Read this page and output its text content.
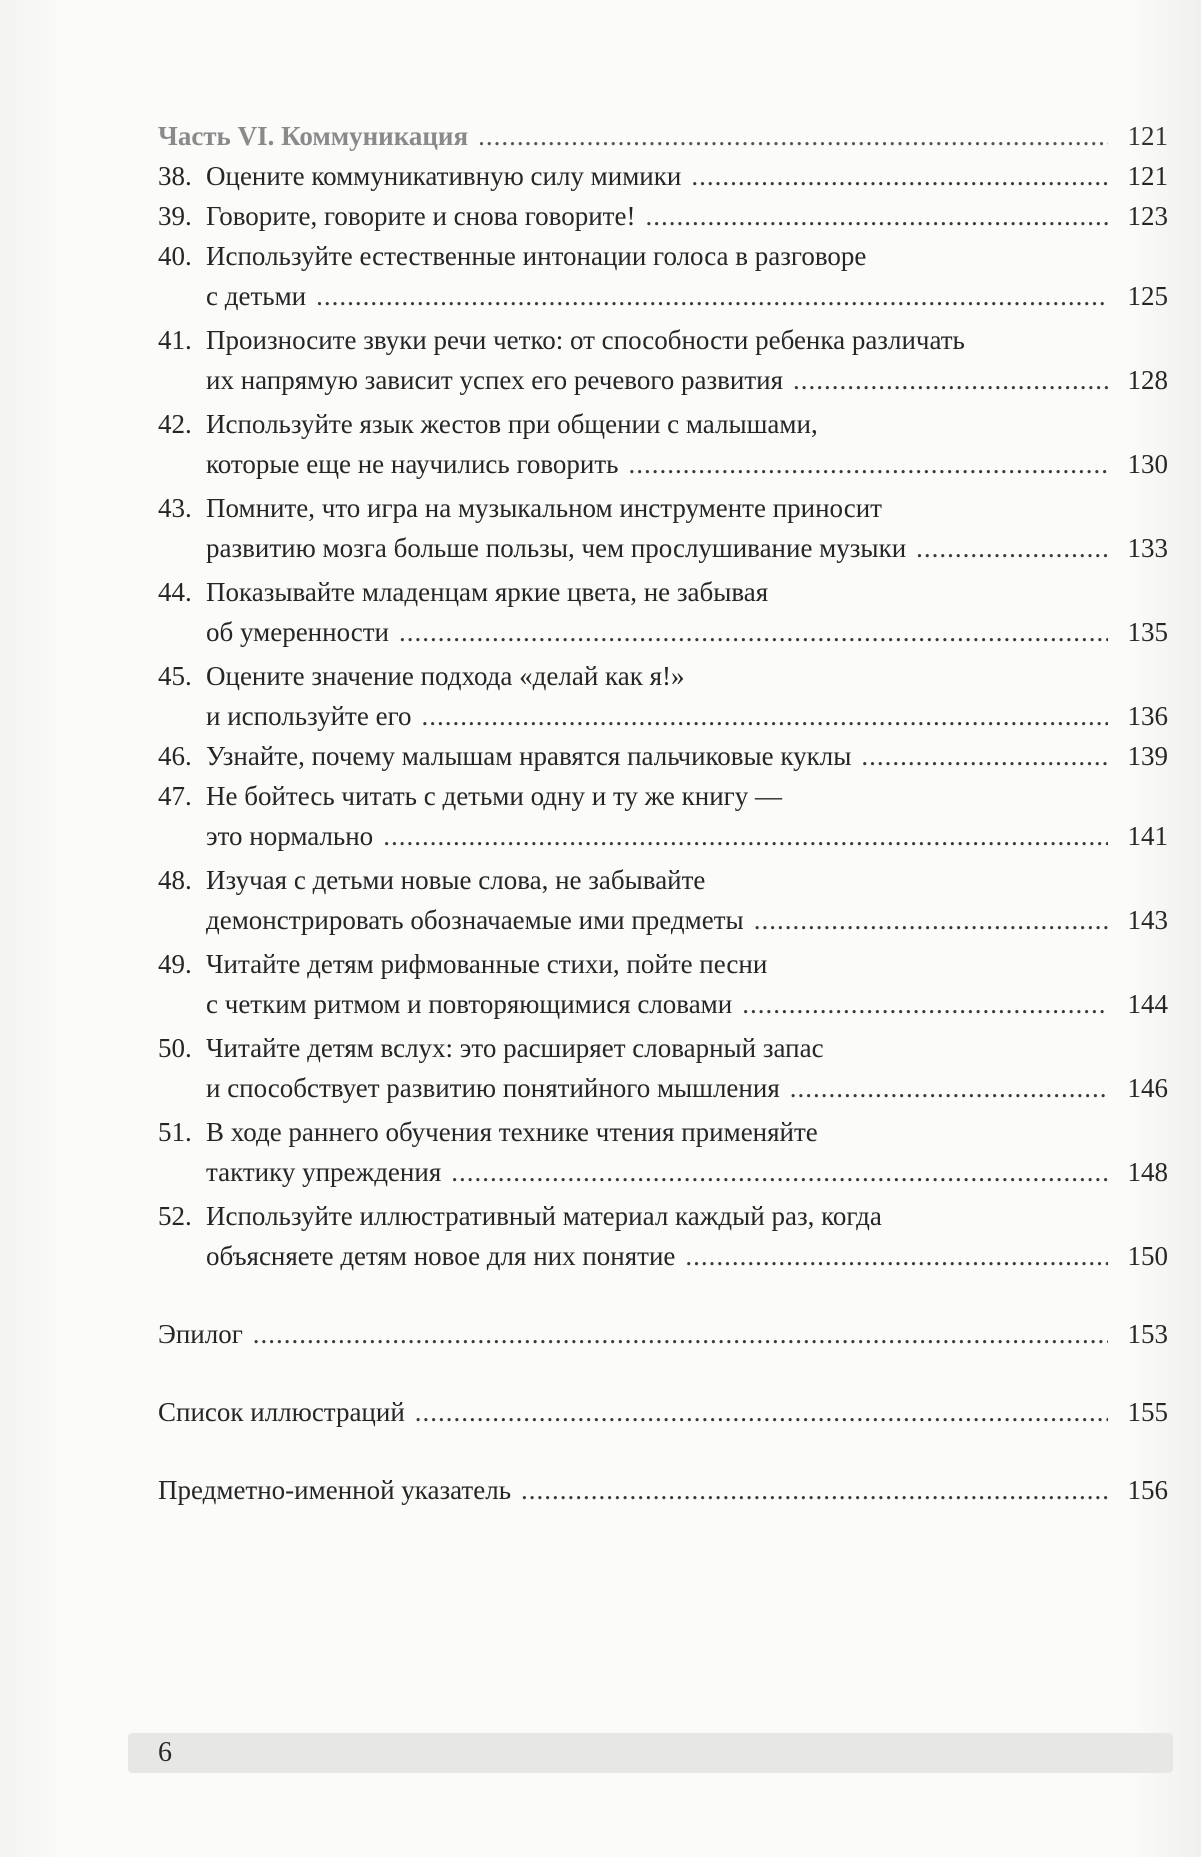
Часть VI. Коммуникация .....	121
38. Оцените коммуникативную силу мимики .....	121
39. Говорите, говорите и снова говорите! .....	123
40. Используйте естественные интонации голоса в разговоре
с детьми .....	125
41. Произносите звуки речи четко: от способности ребенка различать
их напрямую зависит успех его речевого развития .....	128
42. Используйте язык жестов при общении с малышами,
которые еще не научились говорить .....	130
43. Помните, что игра на музыкальном инструменте приносит
развитию мозга больше пользы, чем прослушивание музыки .....	133
44. Показывайте младенцам яркие цвета, не забывая
об умеренности .....	135
45. Оцените значение подхода «делай как я!»
и используйте его .....	136
46. Узнайте, почему малышам нравятся пальчиковые куклы .....	139
47. Не бойтесь читать с детьми одну и ту же книгу —
это нормально .....	141
48. Изучая с детьми новые слова, не забывайте
демонстрировать обозначаемые ими предметы .....	143
49. Читайте детям рифмованные стихи, пойте песни
с четким ритмом и повторяющимися словами .....	144
50. Читайте детям вслух: это расширяет словарный запас
и способствует развитию понятийного мышления .....	146
51. В ходе раннего обучения технике чтения применяйте
тактику упреждения .....	148
52. Используйте иллюстративный материал каждый раз, когда
объясняете детям новое для них понятие .....	150
Эпилог .....	153
Список иллюстраций .....	155
Предметно-именной указатель .....	156
6
